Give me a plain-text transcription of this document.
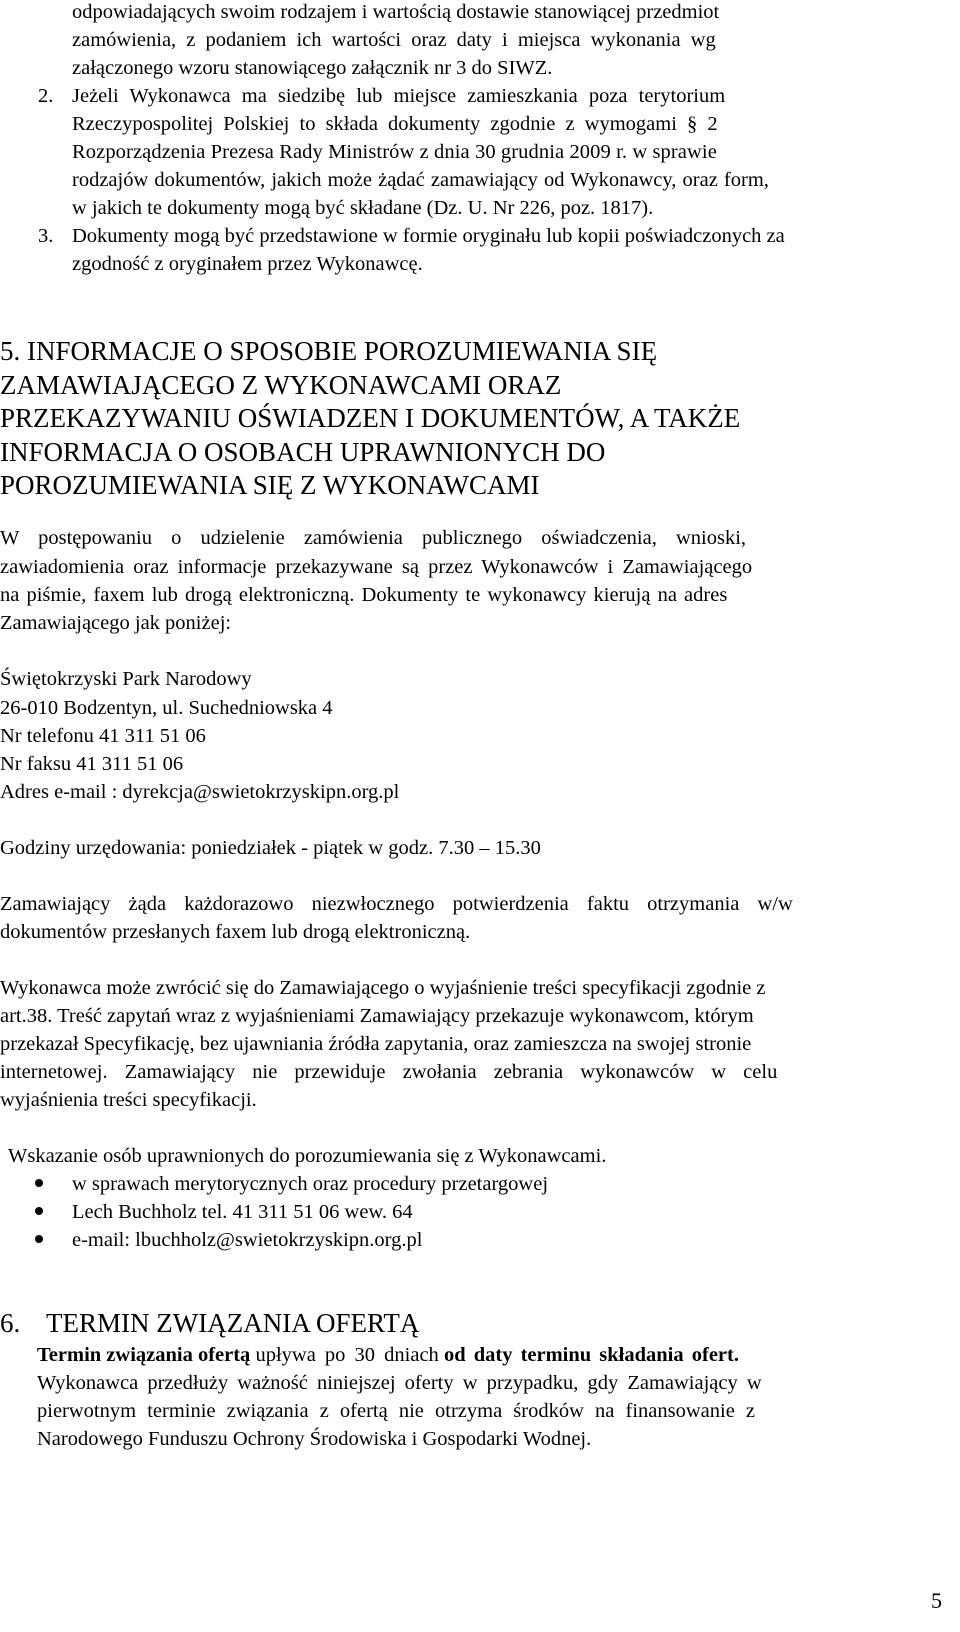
odpowiadających swoim rodzajem i wartością dostawie stanowiącej przedmiot
zamówienia, z podaniem ich wartości oraz daty i miejsca wykonania wg
załączonego wzoru stanowiącego załącznik nr 3 do SIWZ.
2. Jeżeli Wykonawca ma siedzibę lub miejsce zamieszkania poza terytorium
Rzeczypospolitej Polskiej to składa dokumenty zgodnie z wymogami § 2
Rozporządzenia Prezesa Rady Ministrów z dnia 30 grudnia 2009 r. w sprawie
rodzajów dokumentów, jakich może żądać zamawiający od Wykonawcy, oraz form,
w jakich te dokumenty mogą być składane (Dz. U. Nr 226, poz. 1817).
3. Dokumenty mogą być przedstawione w formie oryginału lub kopii poświadczonych za
zgodność z oryginałem przez Wykonawcę.
5. INFORMACJE O SPOSOBIE POROZUMIEWANIA SIĘ
ZAMAWIAJĄCEGO Z WYKONAWCAMI ORAZ
PRZEKAZYWANIU OŚWIADZEN I DOKUMENTÓW, A TAKŻE
INFORMACJA O OSOBACH UPRAWNIONYCH DO
POROZUMIEWANIA SIĘ Z WYKONAWCAMI
W postępowaniu o udzielenie zamówienia publicznego oświadczenia, wnioski,
zawiadomienia oraz informacje przekazywane są przez Wykonawców i Zamawiającego
na piśmie, faxem lub drogą elektroniczną. Dokumenty te wykonawcy kierują na adres
Zamawiającego jak poniżej:
Świętokrzyski Park Narodowy
26-010 Bodzentyn, ul. Suchedniowska 4
Nr telefonu 41 311 51 06
Nr faksu 41 311 51 06
Adres e-mail : dyrekcja@swietokrzyskipn.org.pl
Godziny urzędowania: poniedziałek - piątek w godz. 7.30 – 15.30
Zamawiający żąda każdorazowo niezwłocznego potwierdzenia faktu otrzymania w/w
dokumentów przesłanych faxem lub drogą elektroniczną.
Wykonawca może zwrócić się do Zamawiającego o wyjaśnienie treści specyfikacji zgodnie z
art.38. Treść zapytań wraz z wyjaśnieniami Zamawiający przekazuje wykonawcom, którym
przekazał Specyfikację, bez ujawniania źródła zapytania, oraz zamieszcza na swojej stronie
internetowej. Zamawiający nie przewiduje zwołania zebrania wykonawców w celu
wyjaśnienia treści specyfikacji.
Wskazanie osób uprawnionych do porozumiewania się z Wykonawcami.
w sprawach merytorycznych oraz procedury przetargowej
Lech Buchholz tel. 41 311 51 06 wew. 64
e-mail: lbuchholz@swietokrzyskipn.org.pl
6. TERMIN ZWIĄZANIA OFERTĄ
Termin związania ofertą upływa po 30 dniach od daty terminu składania ofert.
Wykonawca przedłuży ważność niniejszej oferty w przypadku, gdy Zamawiający w
pierwotnym terminie związania z ofertą nie otrzyma środków na finansowanie z
Narodowego Funduszu Ochrony Środowiska i Gospodarki Wodnej.
5
